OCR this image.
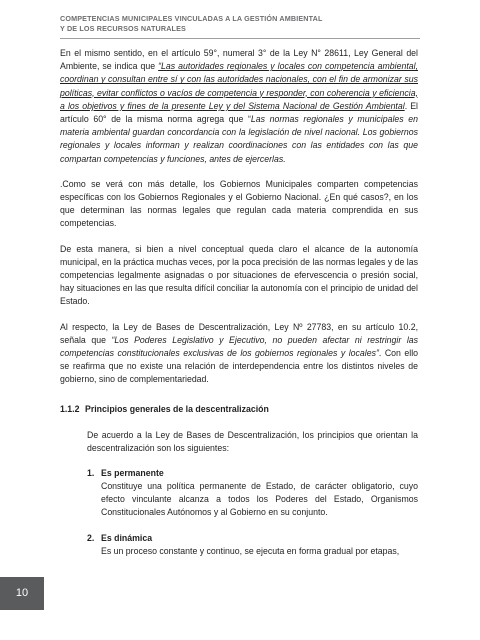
COMPETENCIAS MUNICIPALES VINCULADAS A LA GESTIÓN AMBIENTAL
Y DE LOS RECURSOS NATURALES

En el mismo sentido, en el artículo 59°, numeral 3° de la Ley N° 28611, Ley General del Ambiente, se indica que “Las autoridades regionales y locales con competencia ambiental, coordinan y consultan entre sí y con las autoridades nacionales, con el fin de armonizar sus políticas, evitar conflictos o vacíos de competencia y responder, con coherencia y eficiencia, a los objetivos y fines de la presente Ley y del Sistema Nacional de Gestión Ambiental. El artículo 60° de la misma norma agrega que “Las normas regionales y municipales en materia ambiental guardan concordancia con la legislación de nivel nacional. Los gobiernos regionales y locales informan y realizan coordinaciones con las entidades con las que compartan competencias y funciones, antes de ejercerlas.

.Como se verá con más detalle, los Gobiernos Municipales comparten competencias específicas con los Gobiernos Regionales y el Gobierno Nacional. ¿En qué casos?, en los que determinan las normas legales que regulan cada materia comprendida en sus competencias.

De esta manera, si bien a nivel conceptual queda claro el alcance de la autonomía municipal, en la práctica muchas veces, por la poca precisión de las normas legales y de las competencias legalmente asignadas o por situaciones de efervescencia o presión social, hay situaciones en las que resulta difícil conciliar la autonomía con el principio de unidad del Estado.

Al respecto, la Ley de Bases de Descentralización, Ley Nº 27783, en su artículo 10.2, señala que “Los Poderes Legislativo y Ejecutivo, no pueden afectar ni restringir las competencias constitucionales exclusivas de los gobiernos regionales y locales”. Con ello se reafirma que no existe una relación de interdependencia entre los distintos niveles de gobierno, sino de complementariedad.

1.1.2 Principios generales de la descentralización

De acuerdo a la Ley de Bases de Descentralización, los principios que orientan la descentralización son los siguientes:

1. Es permanente

Constituye una política permanente de Estado, de carácter obligatorio, cuyo efecto vinculante alcanza a todos los Poderes del Estado, Organismos Constitucionales Autónomos y al Gobierno en su conjunto.

2. Es dinámica

Es un proceso constante y continuo, se ejecuta en forma gradual por etapas,

10
